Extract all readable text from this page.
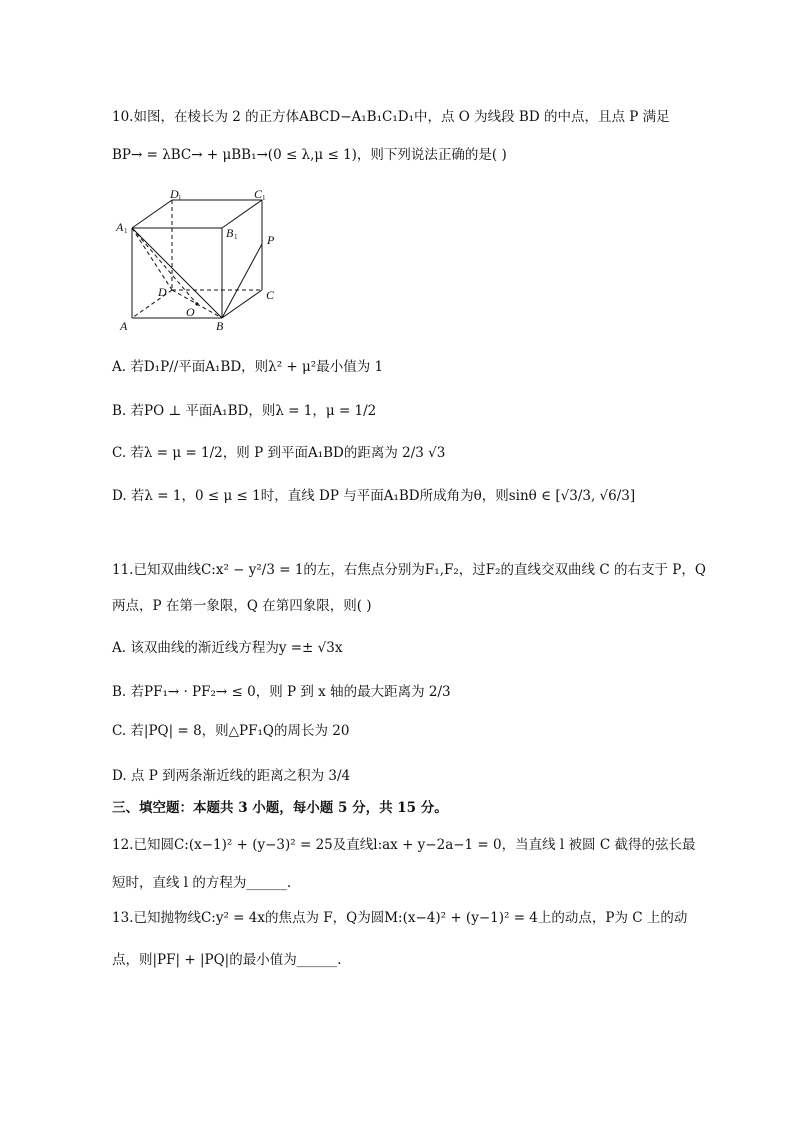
10.如图，在棱长为 2 的正方体ABCD−A₁B₁C₁D₁中，点 O 为线段 BD 的中点，且点 P 满足
BP→ = λBC→ + μBB₁→(0 ≤ λ,μ ≤ 1)，则下列说法正确的是( )
A	B
C
D
A 1	B 1
C 1
D 1
O
P
A. 若D₁P//平面A₁BD，则λ² + μ²最小值为 1
B. 若PO ⊥ 平面A₁BD，则λ = 1，μ = 1/2
C. 若λ = μ = 1/2，则 P 到平面A₁BD的距离为 2/3 √3
D. 若λ = 1，0 ≤ μ ≤ 1时，直线 DP 与平面A₁BD所成角为θ，则sinθ ∈ [√3/3, √6/3]
11.已知双曲线C:x² − y²/3 = 1的左，右焦点分别为F₁,F₂，过F₂的直线交双曲线 C 的右支于 P，Q
两点，P 在第一象限，Q 在第四象限，则( )
A. 该双曲线的渐近线方程为y =± √3x
B. 若PF₁→ · PF₂→ ≤ 0，则 P 到 x 轴的最大距离为 2/3
C. 若|PQ| = 8，则△PF₁Q的周长为 20
D. 点 P 到两条渐近线的距离之积为 3/4
三、填空题：本题共 3 小题，每小题 5 分，共 15 分。
12.已知圆C:(x−1)² + (y−3)² = 25及直线l:ax + y−2a−1 = 0，当直线 l 被圆 C 截得的弦长最
短时，直线 l 的方程为______.
13.已知抛物线C:y² = 4x的焦点为 F，Q为圆M:(x−4)² + (y−1)² = 4上的动点，P为 C 上的动
点，则|PF| + |PQ|的最小值为______.
